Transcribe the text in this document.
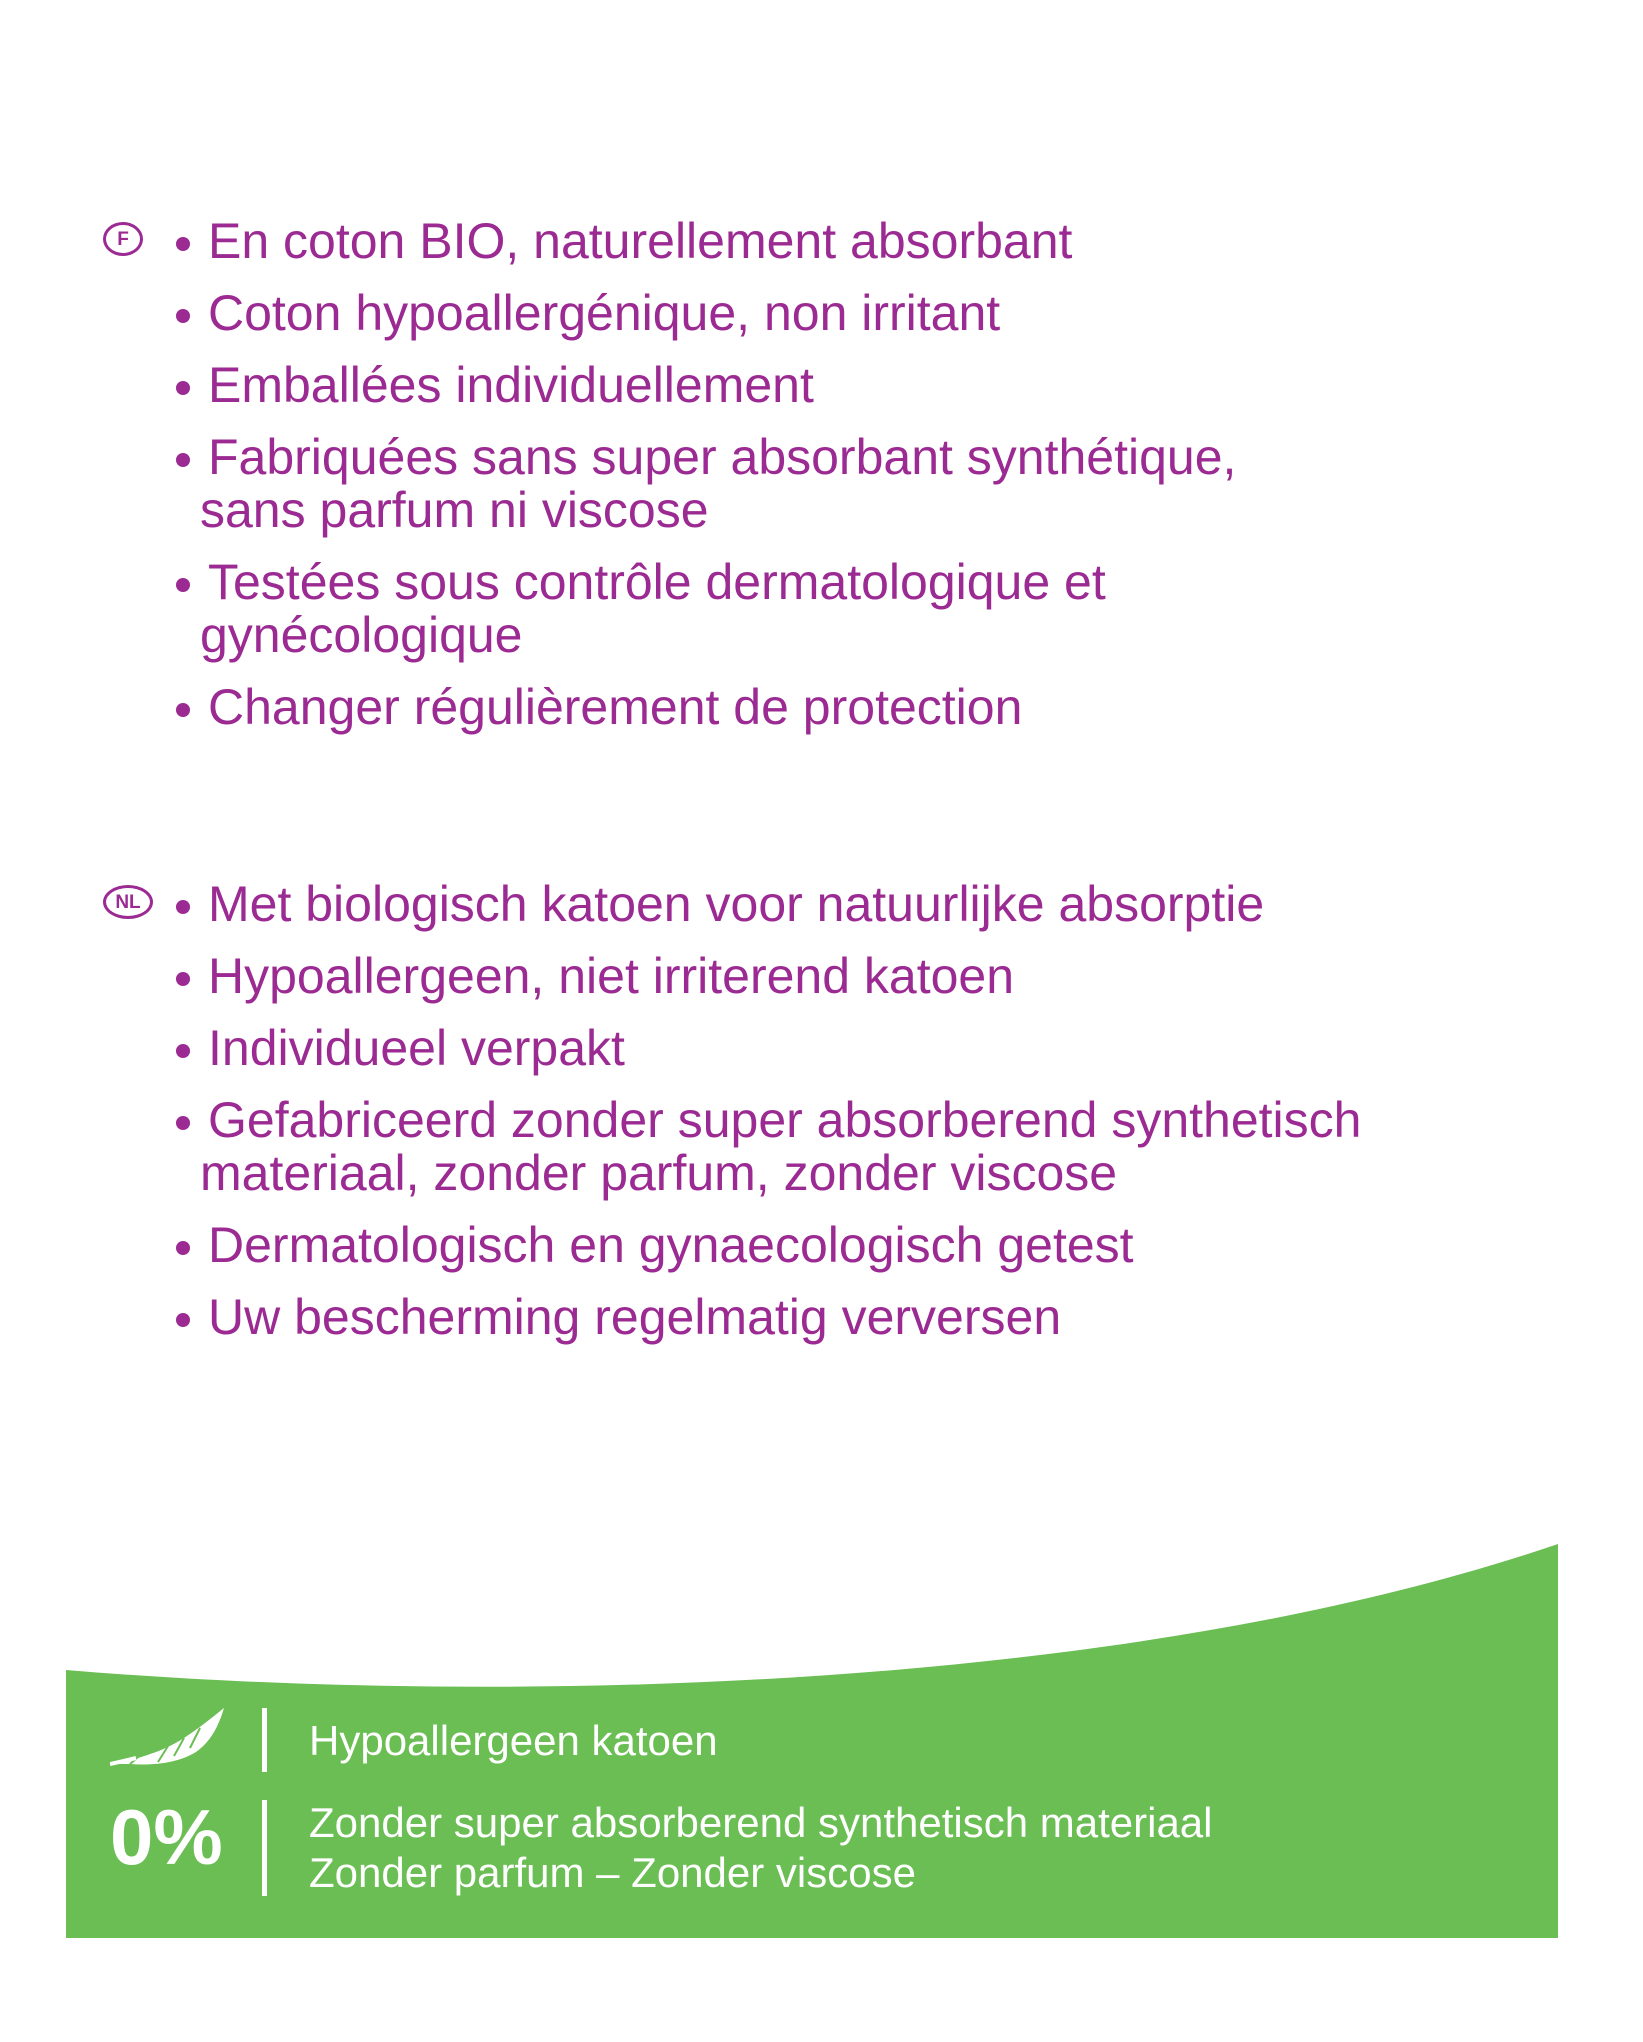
F En coton BIO, naturellement absorbant
Coton hypoallergénique, non irritant
Emballées individuellement
Fabriquées sans super absorbant synthétique,
sans parfum ni viscose
Testées sous contrôle dermatologique et
gynécologique
Changer régulièrement de protection
NL Met biologisch katoen voor natuurlijke absorptie
Hypoallergeen, niet irriterend katoen
Individueel verpakt
Gefabriceerd zonder super absorberend synthetisch
materiaal, zonder parfum, zonder viscose
Dermatologisch en gynaecologisch getest
Uw bescherming regelmatig verversen
0%
Hypoallergeen katoen
Zonder super absorberend synthetisch materiaal
Zonder parfum – Zonder viscose
